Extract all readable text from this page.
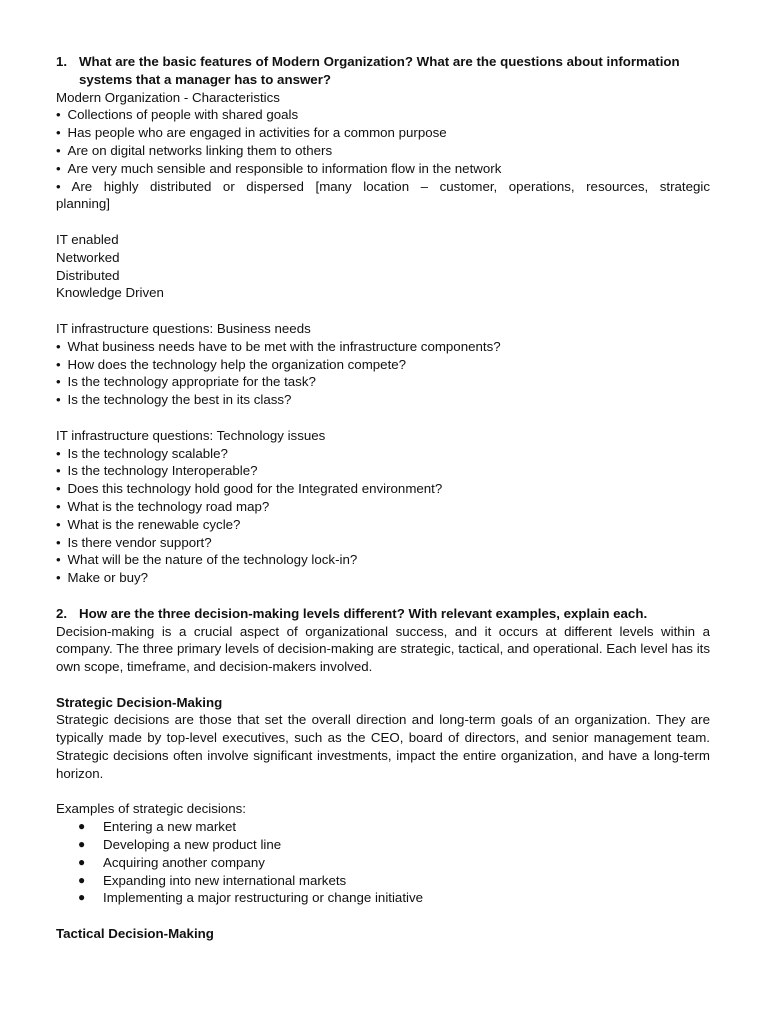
1. What are the basic features of Modern Organization? What are the questions about information systems that a manager has to answer?
Modern Organization - Characteristics
• Collections of people with shared goals
• Has people who are engaged in activities for a common purpose
• Are on digital networks linking them to others
• Are very much sensible and responsible to information flow in the network
• Are highly distributed or dispersed [many location – customer, operations, resources, strategic
planning]
IT enabled
Networked
Distributed
Knowledge Driven
IT infrastructure questions: Business needs
• What business needs have to be met with the infrastructure components?
• How does the technology help the organization compete?
• Is the technology appropriate for the task?
• Is the technology the best in its class?
IT infrastructure questions: Technology issues
• Is the technology scalable?
• Is the technology Interoperable?
• Does this technology hold good for the Integrated environment?
• What is the technology road map?
• What is the renewable cycle?
• Is there vendor support?
• What will be the nature of the technology lock-in?
• Make or buy?
2. How are the three decision-making levels different? With relevant examples, explain each.
Decision-making is a crucial aspect of organizational success, and it occurs at different levels within a company. The three primary levels of decision-making are strategic, tactical, and operational. Each level has its own scope, timeframe, and decision-makers involved.
Strategic Decision-Making
Strategic decisions are those that set the overall direction and long-term goals of an organization. They are typically made by top-level executives, such as the CEO, board of directors, and senior management team. Strategic decisions often involve significant investments, impact the entire organization, and have a long-term horizon.
Examples of strategic decisions:
●	Entering a new market
●	Developing a new product line
●	Acquiring another company
●	Expanding into new international markets
●	Implementing a major restructuring or change initiative
Tactical Decision-Making
